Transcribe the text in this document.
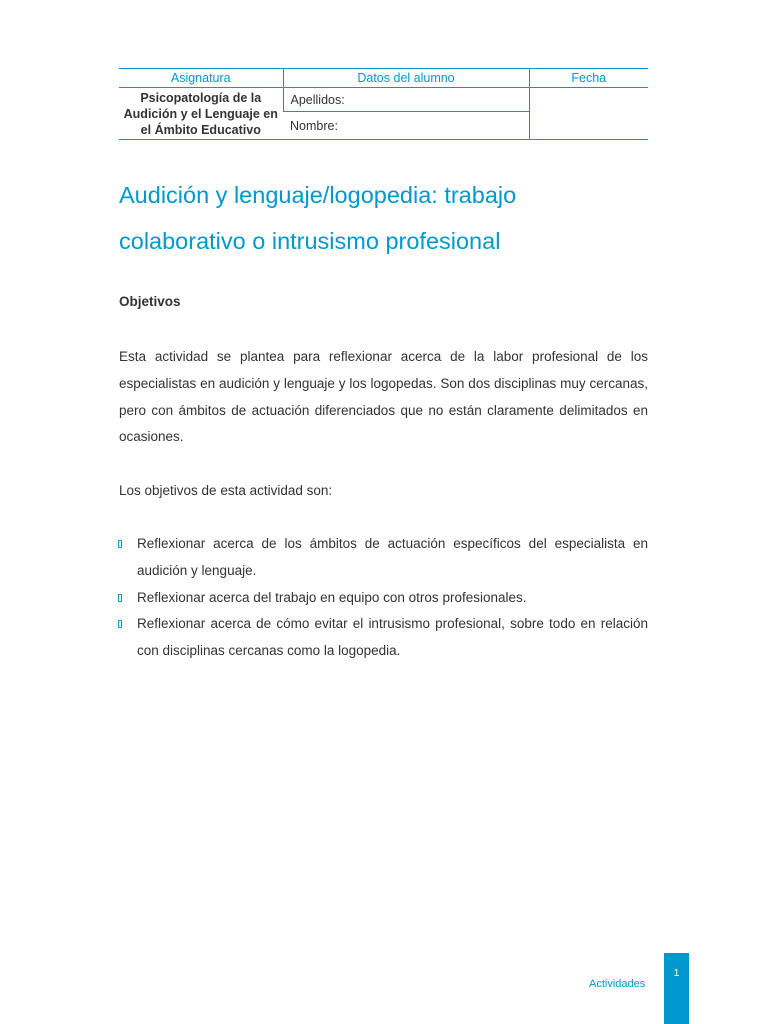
Asignatura	Datos del alumno	Fecha
Psicopatología de la Audición y el Lenguaje en el Ámbito Educativo	Apellidos:	
	Nombre:	
Audición y lenguaje/logopedia: trabajo
colaborativo o intrusismo profesional
Objetivos

Esta actividad se plantea para reflexionar acerca de la labor profesional de los especialistas en audición y lenguaje y los logopedas. Son dos disciplinas muy cercanas, pero con ámbitos de actuación diferenciados que no están claramente delimitados en ocasiones.

Los objetivos de esta actividad son:

Reflexionar acerca de los ámbitos de actuación específicos del especialista en audición y lenguaje.
Reflexionar acerca del trabajo en equipo con otros profesionales.
Reflexionar acerca de cómo evitar el intrusismo profesional, sobre todo en relación con disciplinas cercanas como la logopedia.
Actividades
1
